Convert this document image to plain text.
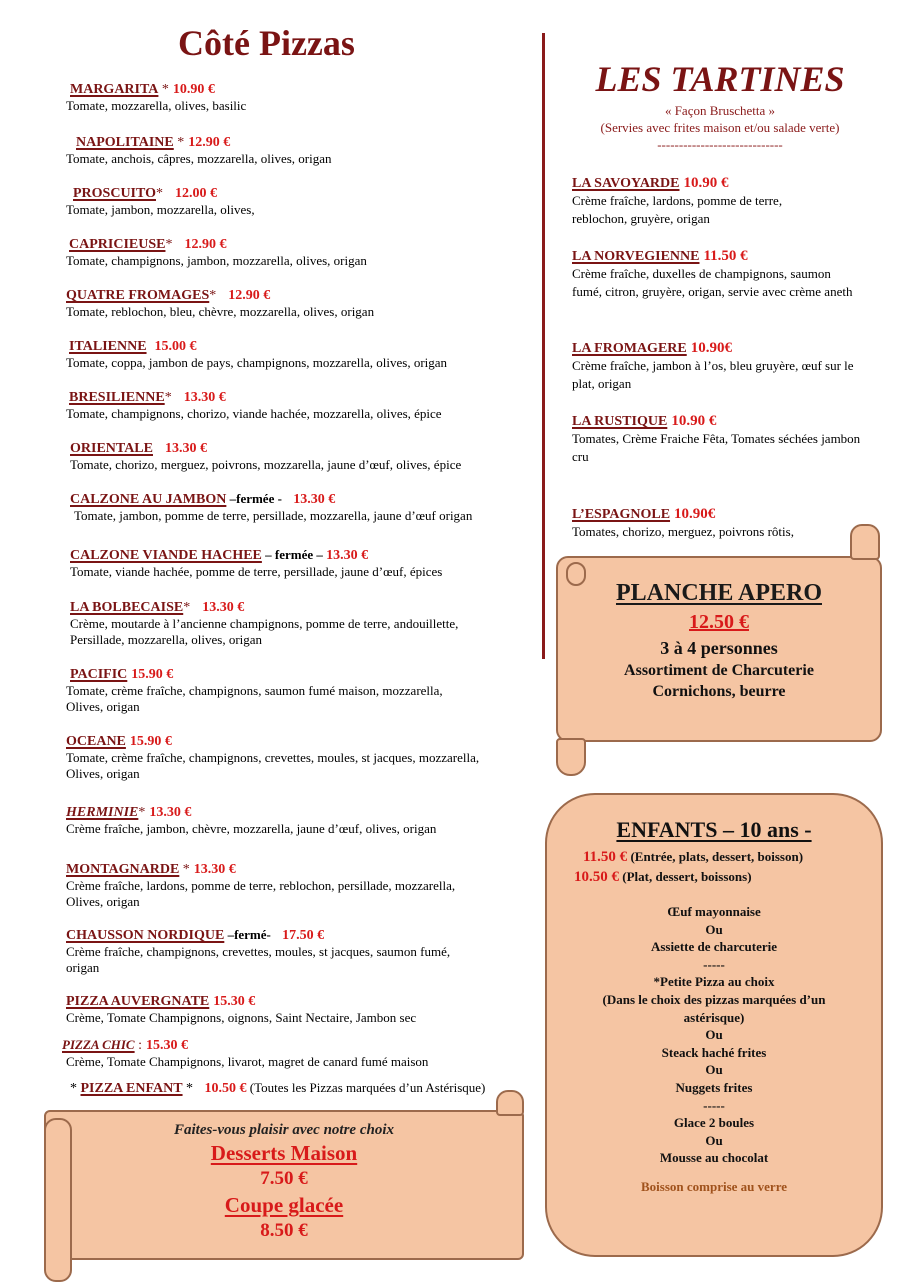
Côté Pizzas
MARGARITA * 10.90 €
Tomate, mozzarella, olives, basilic
NAPOLITAINE * 12.90 €
Tomate, anchois, câpres, mozzarella, olives, origan
PROSCUITO* 12.00 €
Tomate, jambon, mozzarella, olives,
CAPRICIEUSE* 12.90 €
Tomate, champignons, jambon, mozzarella, olives, origan
QUATRE FROMAGES* 12.90 €
Tomate, reblochon, bleu, chèvre, mozzarella, olives, origan
ITALIENNE 15.00 €
Tomate, coppa, jambon de pays, champignons, mozzarella, olives, origan
BRESILIENNE* 13.30 €
Tomate, champignons, chorizo, viande hachée, mozzarella, olives, épice
ORIENTALE 13.30 €
Tomate, chorizo, merguez, poivrons, mozzarella, jaune d’œuf, olives, épice
CALZONE AU JAMBON –fermée -   13.30 €
Tomate, jambon, pomme de terre, persillade, mozzarella, jaune d’œuf origan
CALZONE VIANDE HACHEE – fermée – 13.30 €
Tomate, viande hachée, pomme de terre, persillade, jaune d’œuf, épices
LA BOLBECAISE* 13.30 €
Crème, moutarde à l’ancienne champignons, pomme de terre, andouillette, Persillade, mozzarella, olives, origan
PACIFIC 15.90 €
Tomate, crème fraîche, champignons, saumon fumé maison, mozzarella, Olives, origan
OCEANE 15.90 €
Tomate, crème fraîche, champignons, crevettes, moules, st jacques, mozzarella, Olives, origan
HERMINIE* 13.30 €
Crème fraîche, jambon, chèvre, mozzarella, jaune d’œuf, olives, origan
MONTAGNARDE * 13.30 €
Crème fraîche, lardons, pomme de terre, reblochon, persillade, mozzarella, Olives, origan
CHAUSSON NORDIQUE –fermé-   17.50 €
Crème fraîche, champignons, crevettes, moules, st jacques, saumon fumé, origan
PIZZA AUVERGNATE 15.30 €
Crème, Tomate Champignons, oignons, Saint Nectaire, Jambon sec
PIZZA CHIC : 15.30 €
Crème, Tomate Champignons, livarot, magret de canard fumé maison
* PIZZA ENFANT *   10.50 € (Toutes les Pizzas marquées d’un Astérisque)
LES TARTINES
« Façon Bruschetta »
(Servies avec frites maison et/ou salade verte)
-----------------------------
LA SAVOYARDE 10.90 €
Crème fraîche, lardons, pomme de terre, reblochon, gruyère, origan
LA NORVEGIENNE 11.50 €
Crème fraîche, duxelles de champignons, saumon fumé, citron, gruyère, origan, servie avec crème aneth
LA FROMAGERE 10.90€
Crème fraîche, jambon à l’os, bleu gruyère, œuf sur le plat, origan
LA RUSTIQUE 10.90 €
Tomates, Crème Fraiche Fêta, Tomates séchées jambon cru
L’ESPAGNOLE 10.90€
Tomates, chorizo, merguez, poivrons rôtis,
PLANCHE APERO
12.50 €
3 à 4 personnes
Assortiment de Charcuterie
Cornichons, beurre
ENFANTS – 10 ans -
11.50 € (Entrée, plats, dessert, boisson)
10.50 € (Plat, dessert, boissons)
Œuf mayonnaise
Ou
Assiette de charcuterie
-----
*Petite Pizza au choix
(Dans le choix des pizzas marquées d’un
astérisque)
Ou
Steack haché frites
Ou
Nuggets frites
-----
Glace 2 boules
Ou
Mousse au chocolat
Boisson comprise au verre
Faites-vous plaisir avec notre choix
Desserts Maison
7.50 €
Coupe glacée
8.50 €
